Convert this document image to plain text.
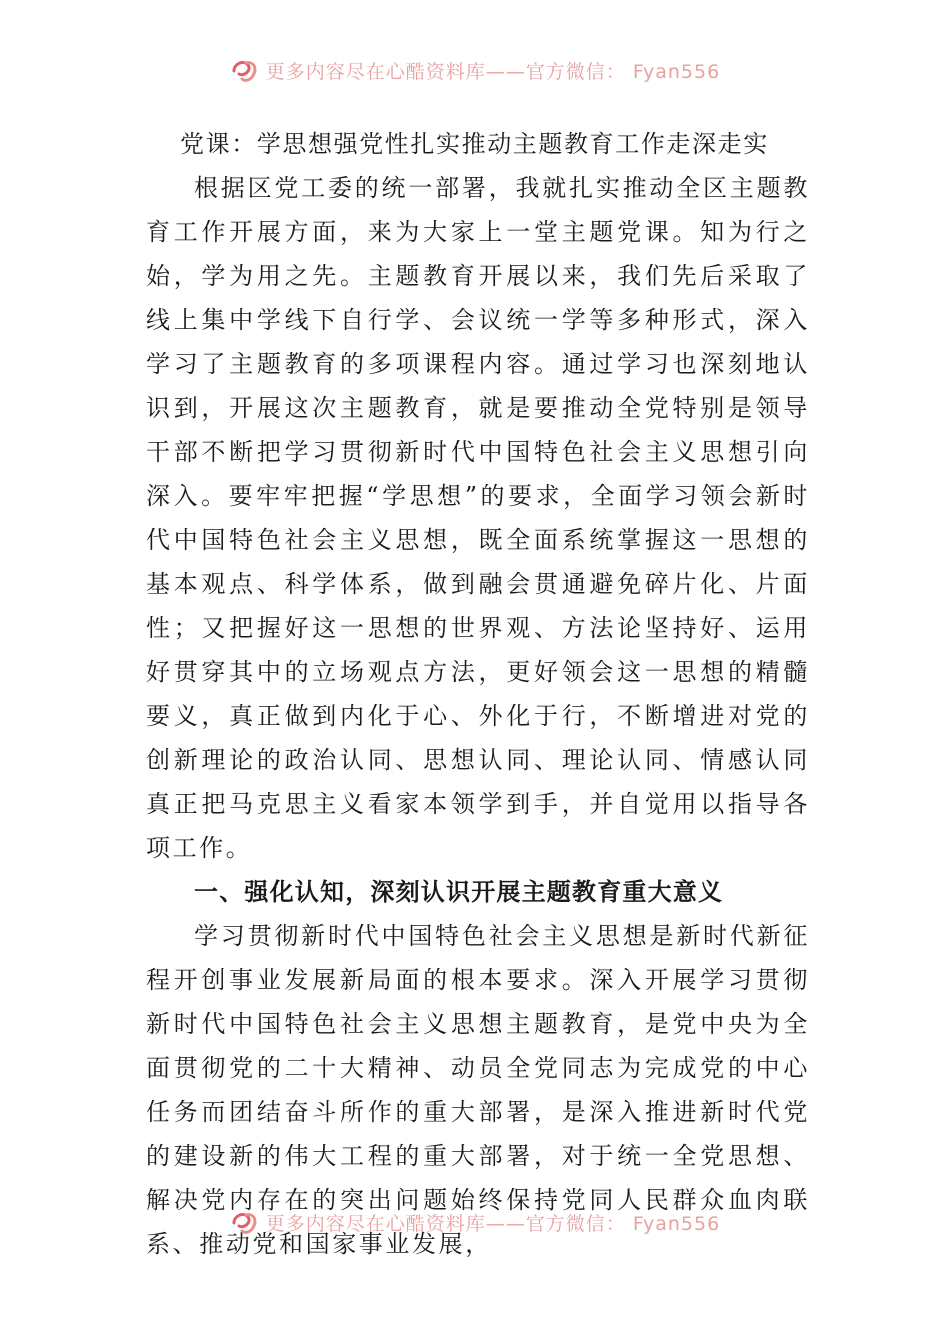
更多内容尽在心酷资料库——官方微信： Fyan556
党课：学思想强党性扎实推动主题教育工作走深走实

根据区党工委的统一部署，我就扎实推动全区主题教育工作开展方面，来为大家上一堂主题党课。知为行之始，学为用之先。主题教育开展以来，我们先后采取了线上集中学线下自行学、会议统一学等多种形式，深入学习了主题教育的多项课程内容。通过学习也深刻地认识到，开展这次主题教育，就是要推动全党特别是领导干部不断把学习贯彻新时代中国特色社会主义思想引向深入。要牢牢把握“学思想”的要求，全面学习领会新时代中国特色社会主义思想，既全面系统掌握这一思想的基本观点、科学体系，做到融会贯通避免碎片化、片面性；又把握好这一思想的世界观、方法论坚持好、运用好贯穿其中的立场观点方法，更好领会这一思想的精髓要义，真正做到内化于心、外化于行，不断增进对党的创新理论的政治认同、思想认同、理论认同、情感认同真正把马克思主义看家本领学到手，并自觉用以指导各项工作。

一、强化认知，深刻认识开展主题教育重大意义

学习贯彻新时代中国特色社会主义思想是新时代新征程开创事业发展新局面的根本要求。深入开展学习贯彻新时代中国特色社会主义思想主题教育，是党中央为全面贯彻党的二十大精神、动员全党同志为完成党的中心任务而团结奋斗所作的重大部署，是深入推进新时代党的建设新的伟大工程的重大部署，对于统一全党思想、解决党内存在的突出问题始终保持党同人民群众血肉联系、推动党和国家事业发展，

更多内容尽在心酷资料库——官方微信： Fyan556
